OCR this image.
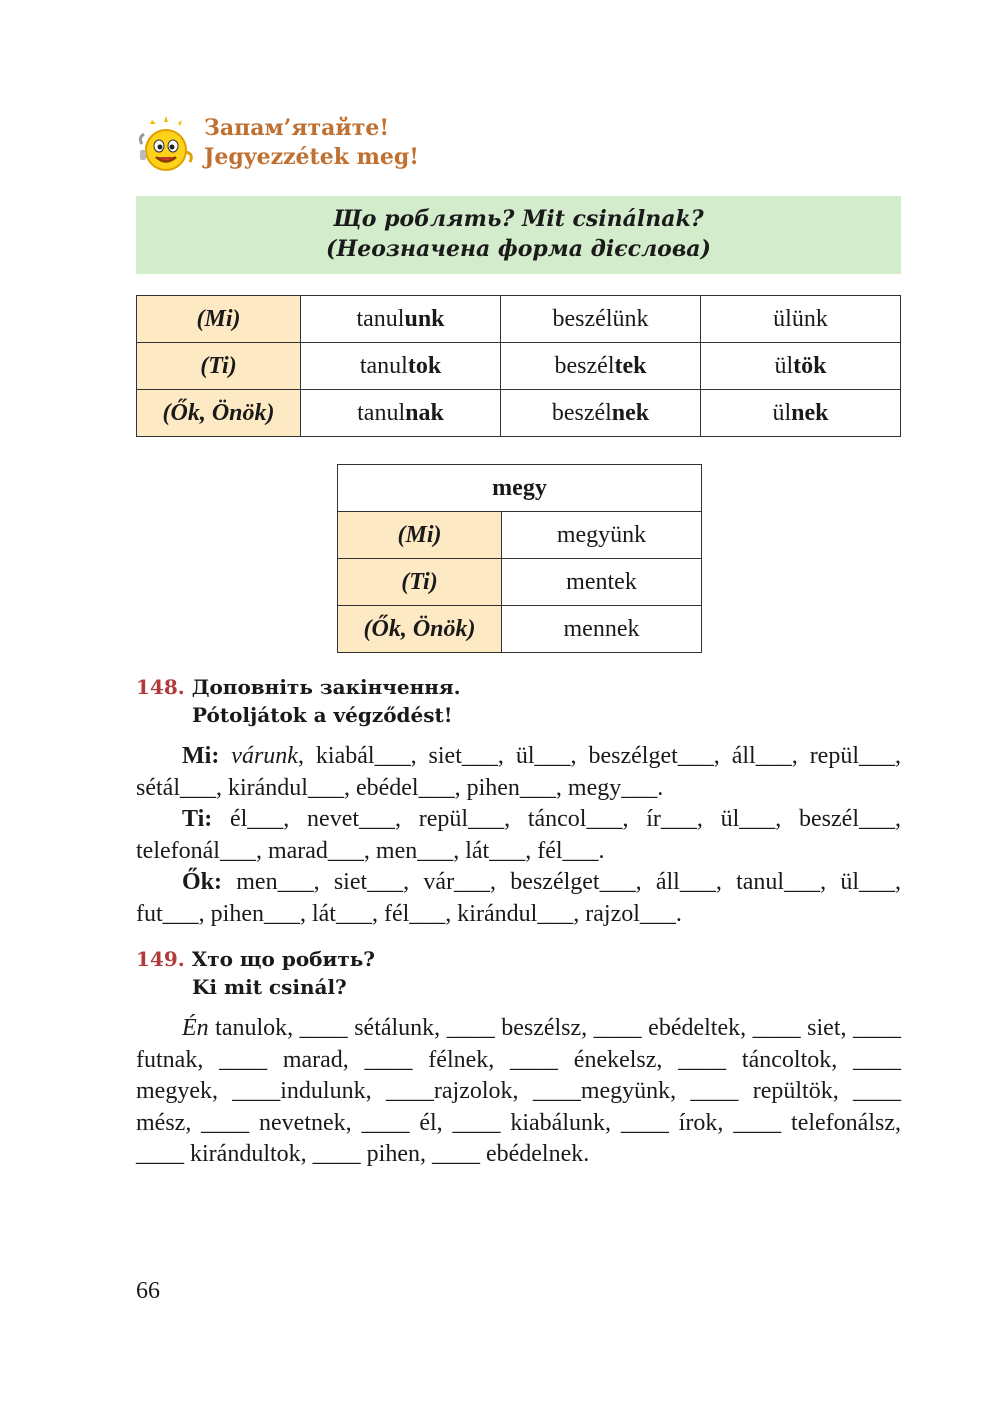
Запам’ятайте!
Jegyezzétek meg!
Що роблять? Mit csinálnak?
(Неозначена форма дієслова)
(Mi)	tanulunk	beszélünk	ülünk
(Ti)	tanultok	beszéltek	ültök
(Ők, Önök)	tanulnak	beszélnek	ülnek
megy	
(Mi)	megyünk
(Ti)	mentek
(Ők, Önök)	mennek
148. Доповніть закінчення.
Pótoljátok a végződést!

Mi: várunk, kiabál___, siet___, ül___, beszélget___, áll___, repül___, sétál___, kirándul___, ebédel___, pihen___, megy___.

Ti: él___, nevet___, repül___, táncol___, ír___, ül___, beszél___, telefonál___, marad___, men___, lát___, fél___.

Ők: men___, siet___, vár___, beszélget___, áll___, tanul___, ül___, fut___, pihen___, lát___, fél___, kirándul___, rajzol___.

149. Хто що робить?
Ki mit csinál?

Én tanulok, ____ sétálunk, ____ beszélsz, ____ ebédeltek, ____ siet, ____ futnak, ____ marad, ____ félnek, ____ énekelsz, ____ táncoltok, ____ megyek, ____indulunk, ____rajzolok, ____megyünk, ____ repültök, ____ mész, ____ nevetnek, ____ él, ____ kiabálunk, ____ írok, ____ telefonálsz, ____ kirándultok, ____ pihen, ____ ebédelnek.

66
